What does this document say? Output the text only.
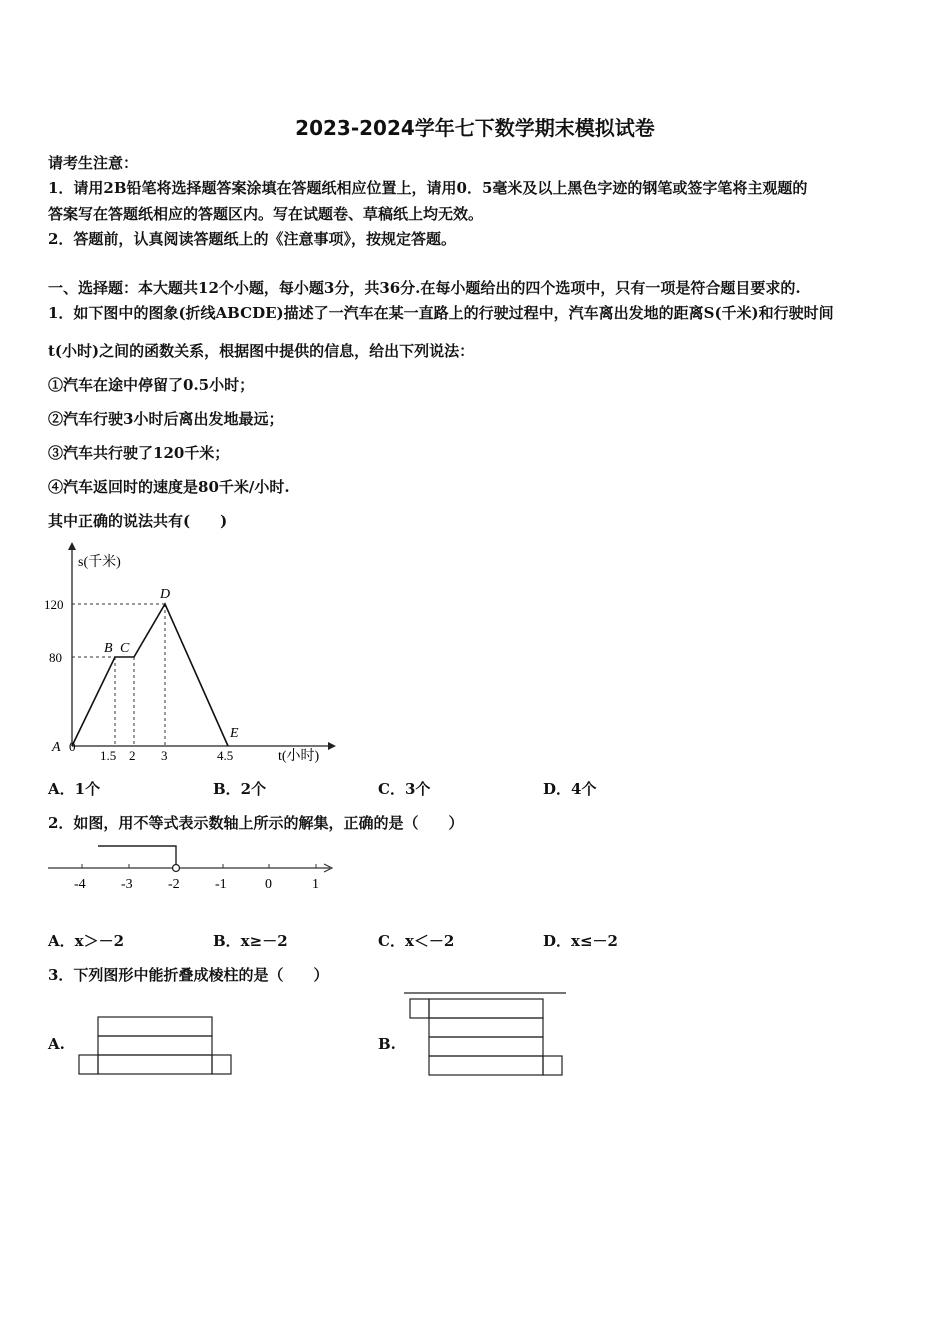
2023-2024学年七下数学期末模拟试卷
请考生注意：
1．请用2B铅笔将选择题答案涂填在答题纸相应位置上，请用0．5毫米及以上黑色字迹的钢笔或签字笔将主观题的
答案写在答题纸相应的答题区内。写在试题卷、草稿纸上均无效。
2．答题前，认真阅读答题纸上的《注意事项》，按规定答题。
一、选择题：本大题共12个小题，每小题3分，共36分.在每小题给出的四个选项中，只有一项是符合题目要求的.
1．如下图中的图象(折线ABCDE)描述了一汽车在某一直路上的行驶过程中，汽车离出发地的距离S(千米)和行驶时间
t(小时)之间的函数关系，根据图中提供的信息，给出下列说法：
①汽车在途中停留了0.5小时；
②汽车行驶3小时后离出发地最远；
③汽车共行驶了120千米；
④汽车返回时的速度是80千米/小时.
其中正确的说法共有(　　)
s(千米)
t(小时)
120
80
1.5 2 3	4.5
0
A
B C
D
E
A．1个	B．2个	C．3个	D．4个
2．如图，用不等式表示数轴上所示的解集，正确的是（　　）
-4	-3	-2	-1	0	1
A．x＞－2	B．x≥－2	C．x＜－2	D．x≤－2
3．下列图形中能折叠成棱柱的是（　　）
A.	B.
